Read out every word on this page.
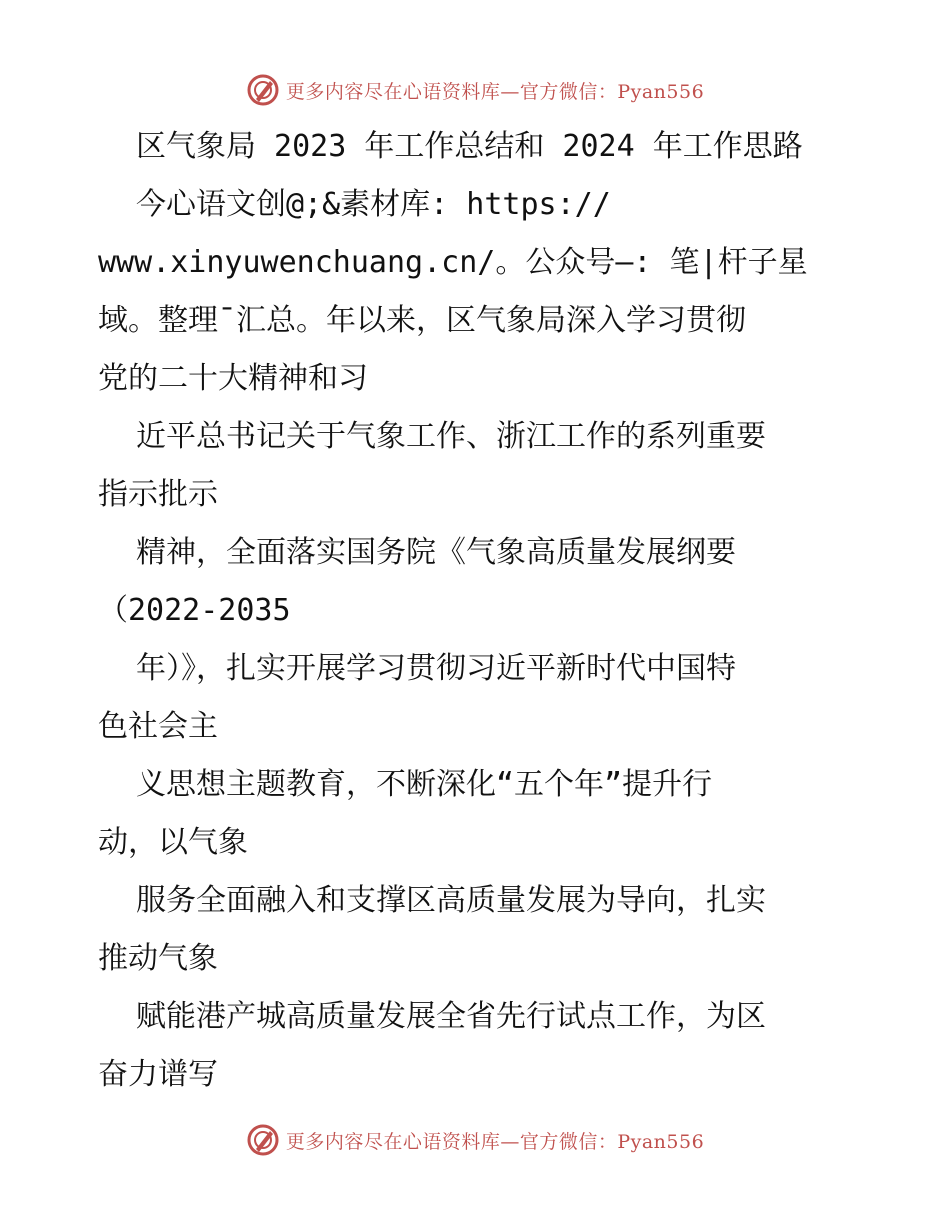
更多内容尽在心语资料库—官方微信：Pyan556
区气象局 2023 年工作总结和 2024 年工作思路
今心语文创@;&素材库: https://
www.xinyuwenchuang.cn/。公众号—: 笔|杆子星
域。整理¯汇总。年以来，区气象局深入学习贯彻
党的二十大精神和习
近平总书记关于气象工作、浙江工作的系列重要
指示批示
精神，全面落实国务院《气象高质量发展纲要
（2022-2035
年）》，扎实开展学习贯彻习近平新时代中国特
色社会主
义思想主题教育，不断深化“五个年”提升行
动，以气象
服务全面融入和支撑区高质量发展为导向，扎实
推动气象
赋能港产城高质量发展全省先行试点工作，为区
奋力谱写
更多内容尽在心语资料库—官方微信：Pyan556
